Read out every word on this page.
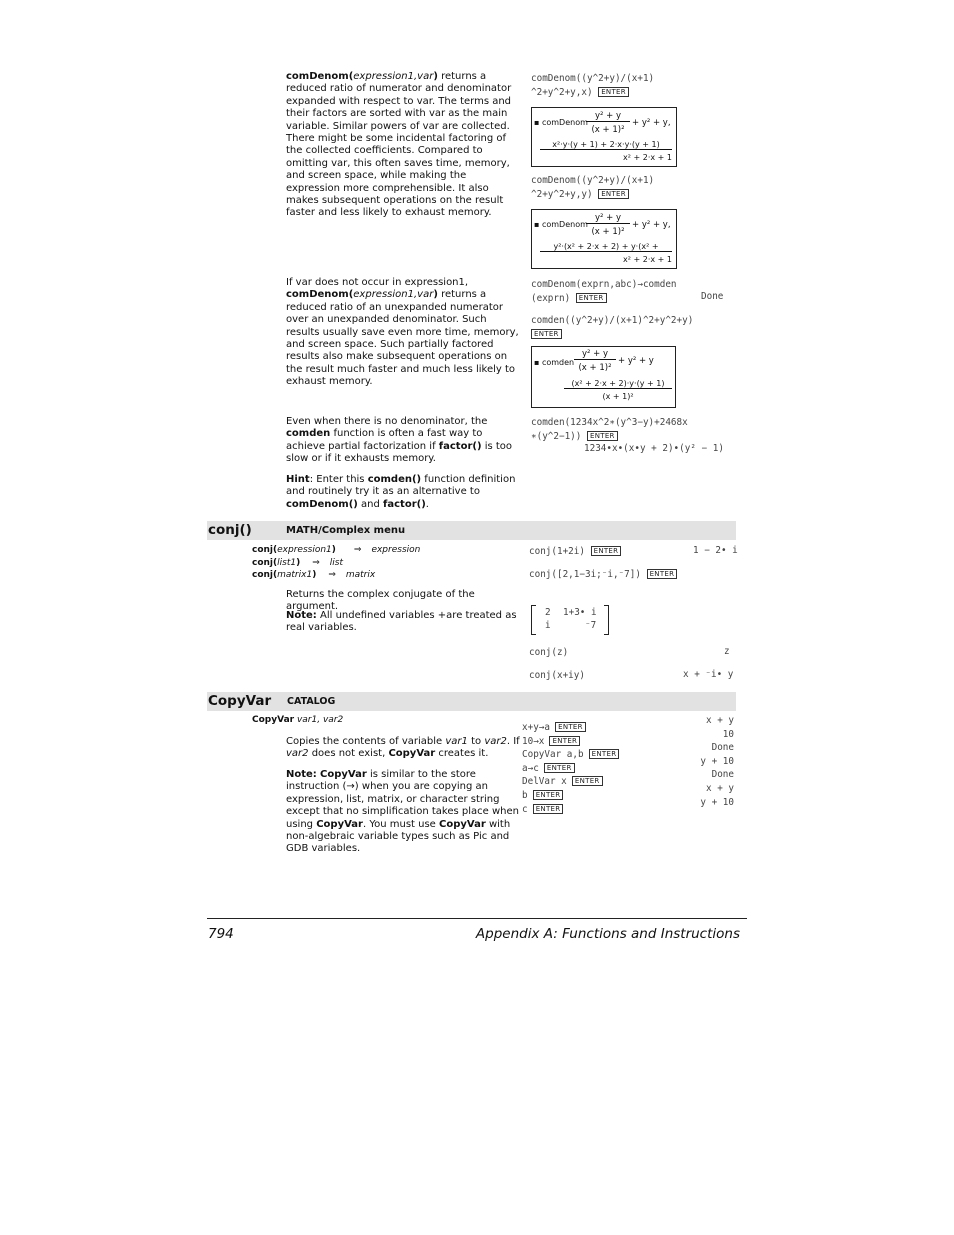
comDenom(expression1,var) returns a reduced ratio of numerator and denominator expanded with respect to var. The terms and their factors are sorted with var as the main variable. Similar powers of var are collected. There might be some incidental factoring of the collected coefficients. Compared to omitting var, this often saves time, memory, and screen space, while making the expression more comprehensible. It also makes subsequent operations on the result faster and less likely to exhaust memory.
comDenom((y^2+y)/(x+1)
^2+y^2+y,x) ENTER
▪ comDenom
y² + y
(x + 1)²
+ y² + y,
x²·y·(y + 1) + 2·x·y·(y + 1)
x² + 2·x + 1
comDenom((y^2+y)/(x+1)
^2+y^2+y,y) ENTER
▪ comDenom
y² + y
(x + 1)²
+ y² + y,
y²·(x² + 2·x + 2) + y·(x² +
x² + 2·x + 1
If var does not occur in expression1, comDenom(expression1,var) returns a reduced ratio of an unexpanded numerator over an unexpanded denominator. Such results usually save even more time, memory, and screen space. Such partially factored results also make subsequent operations on the result much faster and much less likely to exhaust memory.
comDenom(exprn,abc)→comden
(exprn) ENTER	Done
comden((y^2+y)/(x+1)^2+y^2+y)
ENTER
▪ comden
y² + y
(x + 1)²
+ y² + y
(x² + 2·x + 2)·y·(y + 1)
(x + 1)²
Even when there is no denominator, the comden function is often a fast way to achieve partial factorization if factor() is too slow or if it exhausts memory.
Hint: Enter this comden() function definition and routinely try it as an alternative to comDenom() and factor().
comden(1234x^2∗(y^3−y)+2468x
∗(y^2−1)) ENTER
1234•x•(x•y + 2)•(y² − 1)
conj()	MATH/Complex menu
conj(expression1) ⇒ expression
conj(list1) ⇒ list
conj(matrix1) ⇒ matrix
Returns the complex conjugate of the argument.
Note: All undefined variables +are treated as real variables.
conj(1+2i) ENTER	1 − 2• i
conj([2,1−3i;⁻i,⁻7]) ENTER
2 1+3• i
i	⁻7
conj(z)	z
conj(x+iy)	x + ⁻i• y
CopyVar CATALOG
CopyVar var1, var2
Copies the contents of variable var1 to var2. If var2 does not exist, CopyVar creates it.
Note: CopyVar is similar to the store instruction (→) when you are copying an expression, list, matrix, or character string except that no simplification takes place when using CopyVar. You must use CopyVar with non-algebraic variable types such as Pic and GDB variables.
x+y→a ENTER
x + y
10→x ENTER
10
CopyVar a,b ENTER
Done
a→c ENTER
y + 10
DelVar x ENTER
Done
b ENTER
x + y
c ENTER
y + 10
794	Appendix A: Functions and Instructions
